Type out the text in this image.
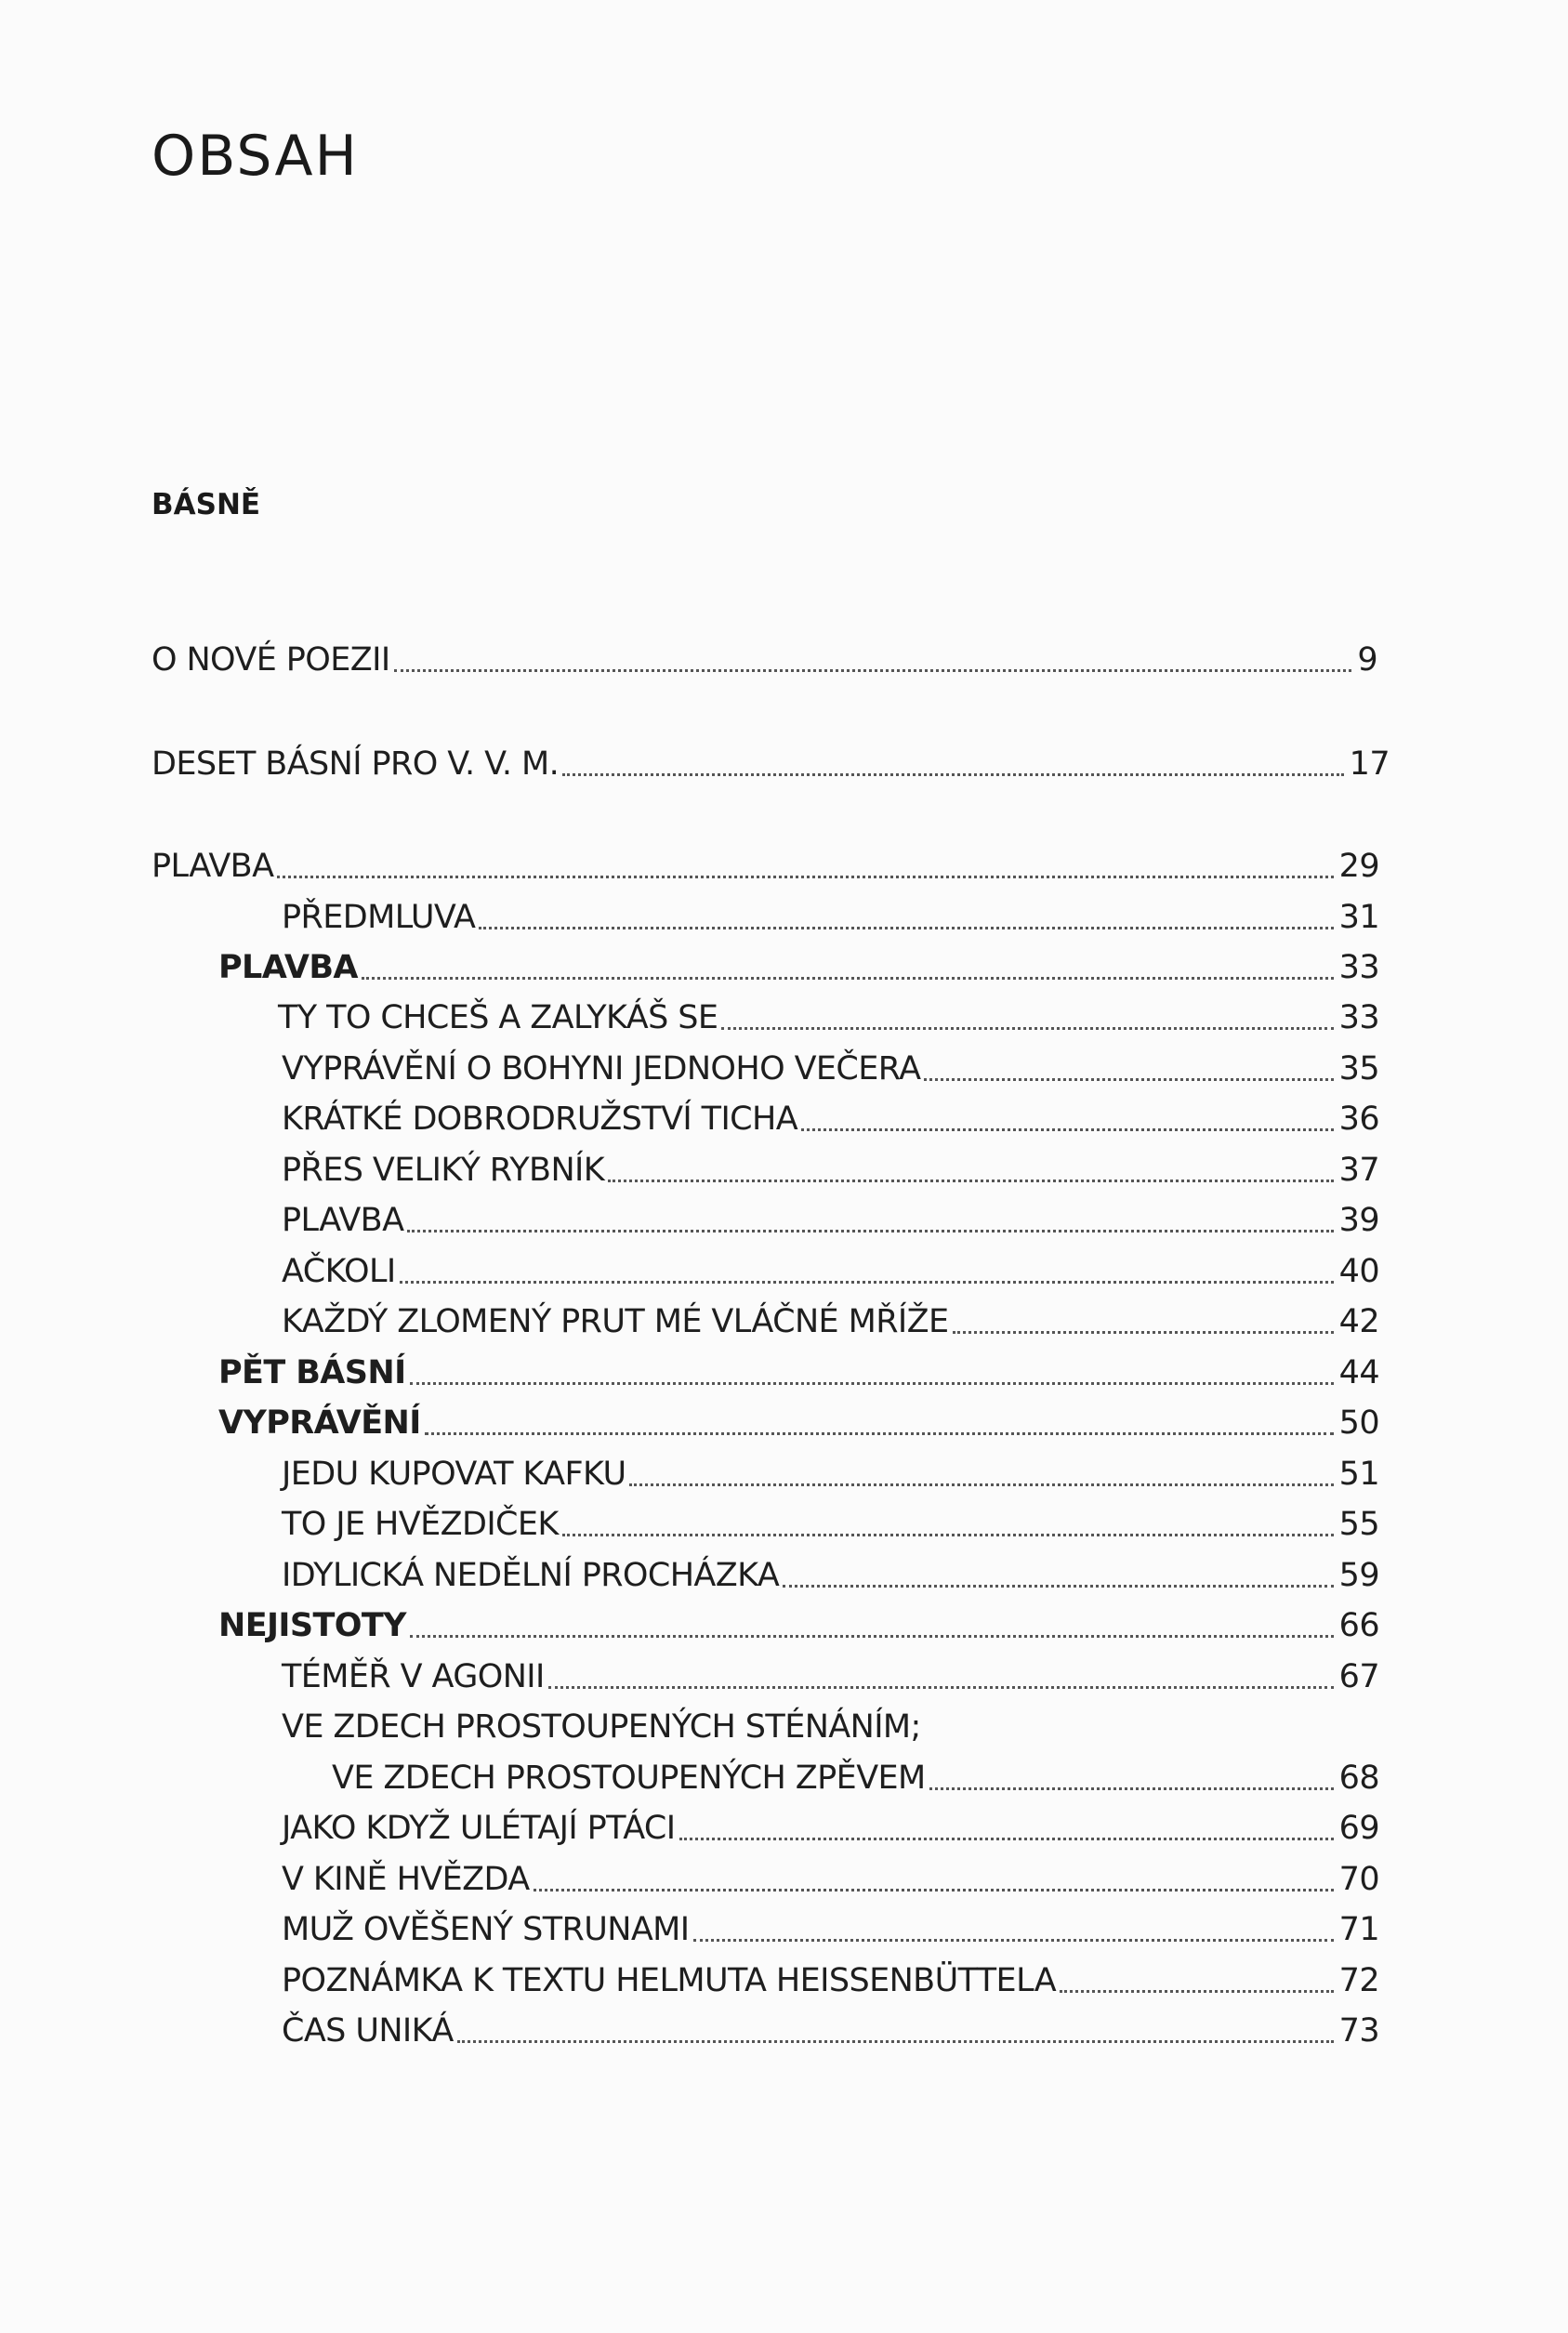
OBSAH
BÁSNĚ
O NOVÉ POEZII	9
DESET BÁSNÍ PRO V. V. M.	17
PLAVBA	29
PŘEDMLUVA	31
PLAVBA	33
TY TO CHCEŠ A ZALYKÁŠ SE	33
VYPRÁVĚNÍ O BOHYNI JEDNOHO VEČERA	35
KRÁTKÉ DOBRODRUŽSTVÍ TICHA	36
PŘES VELIKÝ RYBNÍK	37
PLAVBA	39
AČKOLI	40
KAŽDÝ ZLOMENÝ PRUT MÉ VLÁČNÉ MŘÍŽE	42
PĚT BÁSNÍ	44
VYPRÁVĚNÍ	50
JEDU KUPOVAT KAFKU	51
TO JE HVĚZDIČEK	55
IDYLICKÁ NEDĚLNÍ PROCHÁZKA	59
NEJISTOTY	66
TÉMĚŘ V AGONII	67
VE ZDECH PROSTOUPENÝCH STÉNÁNÍM;
VE ZDECH PROSTOUPENÝCH ZPĚVEM	68
JAKO KDYŽ ULÉTAJÍ PTÁCI	69
V KINĚ HVĚZDA	70
MUŽ OVĚŠENÝ STRUNAMI	71
POZNÁMKA K TEXTU HELMUTA HEISSENBÜTTELA	72
ČAS UNIKÁ	73
